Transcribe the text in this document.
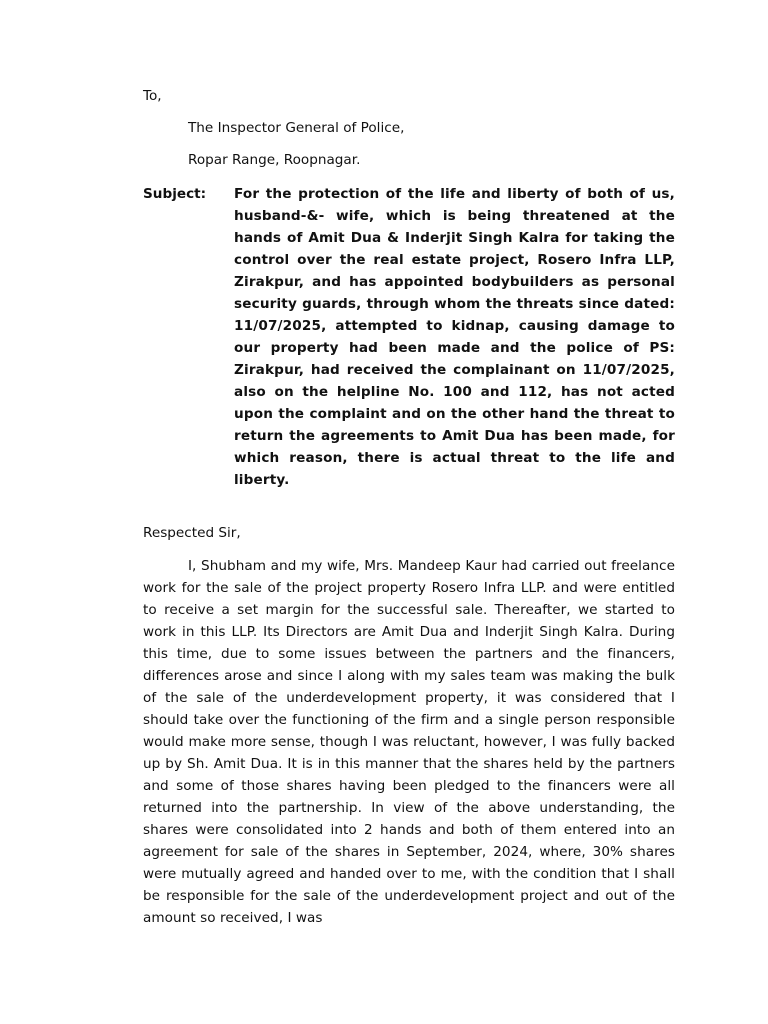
To,
The Inspector General of Police,
Ropar Range, Roopnagar.
Subject: For the protection of the life and liberty of both of us, husband-&- wife, which is being threatened at the hands of Amit Dua & Inderjit Singh Kalra for taking the control over the real estate project, Rosero Infra LLP, Zirakpur, and has appointed bodybuilders as personal security guards, through whom the threats since dated: 11/07/2025, attempted to kidnap, causing damage to our property had been made and the police of PS: Zirakpur, had received the complainant on 11/07/2025, also on the helpline No. 100 and 112, has not acted upon the complaint and on the other hand the threat to return the agreements to Amit Dua has been made, for which reason, there is actual threat to the life and liberty.
Respected Sir,
I, Shubham and my wife, Mrs. Mandeep Kaur had carried out freelance work for the sale of the project property Rosero Infra LLP. and were entitled to receive a set margin for the successful sale. Thereafter, we started to work in this LLP. Its Directors are Amit Dua and Inderjit Singh Kalra. During this time, due to some issues between the partners and the financers, differences arose and since I along with my sales team was making the bulk of the sale of the underdevelopment property, it was considered that I should take over the functioning of the firm and a single person responsible would make more sense, though I was reluctant, however, I was fully backed up by Sh. Amit Dua. It is in this manner that the shares held by the partners and some of those shares having been pledged to the financers were all returned into the partnership. In view of the above understanding, the shares were consolidated into 2 hands and both of them entered into an agreement for sale of the shares in September, 2024, where, 30% shares were mutually agreed and handed over to me, with the condition that I shall be responsible for the sale of the underdevelopment project and out of the amount so received, I was
